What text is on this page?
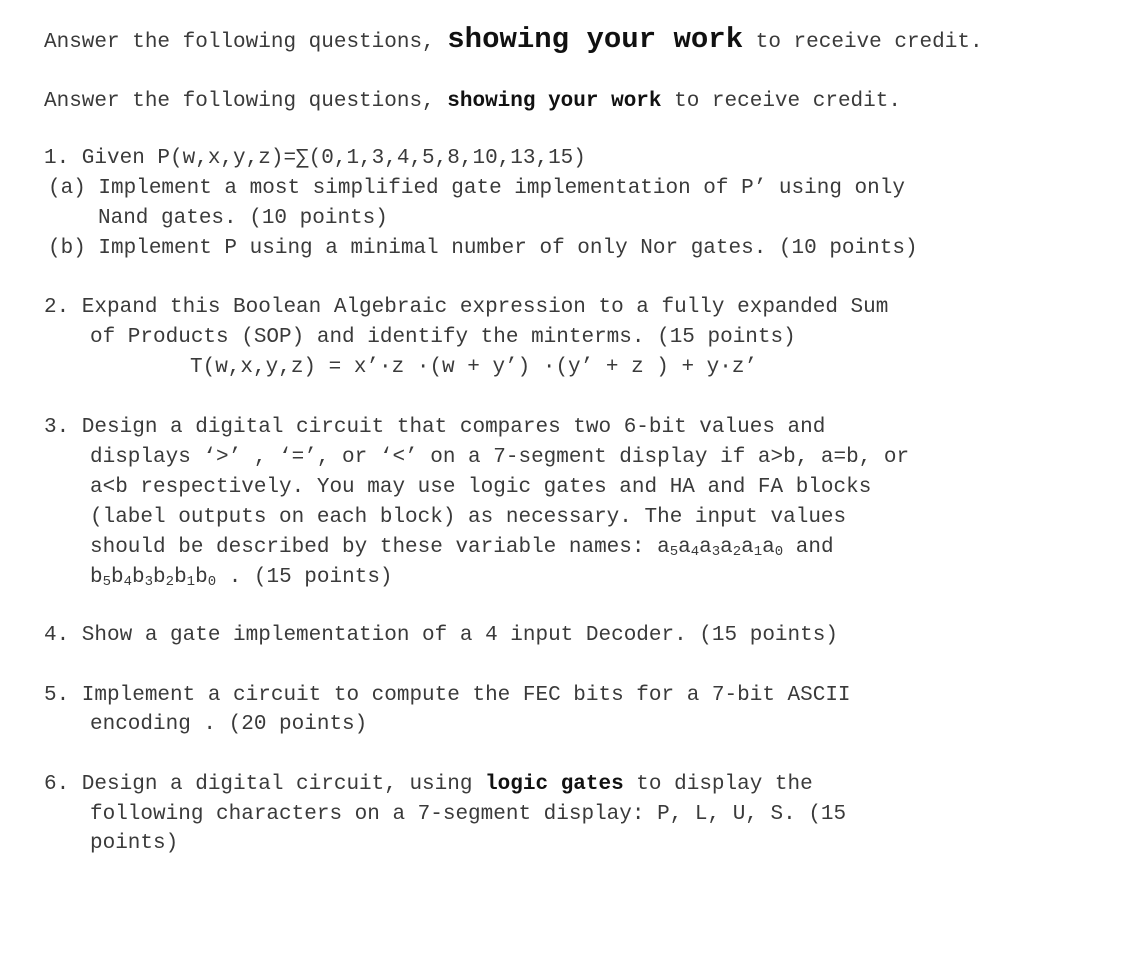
Answer the following questions, showing your work to receive credit.
Answer the following questions, showing your work to receive credit.
1. Given P(w,x,y,z)=∑(0,1,3,4,5,8,10,13,15)
(a) Implement a most simplified gate implementation of P’ using only
Nand gates. (10 points)
(b) Implement P using a minimal number of only Nor gates. (10 points)
2. Expand this Boolean Algebraic expression to a fully expanded Sum
of Products (SOP) and identify the minterms. (15 points)
T(w,x,y,z) = x’·z ·(w + y’) ·(y’ + z ) + y·z’
3. Design a digital circuit that compares two 6-bit values and
displays ‘>’ , ‘=’, or ‘<’ on a 7-segment display if a>b, a=b, or
a<b respectively. You may use logic gates and HA and FA blocks
(label outputs on each block) as necessary. The input values
should be described by these variable names: $a_5a_4a_3a_2a_1a_0$ and
$b_5b_4b_3b_2b_1b_0$ . (15 points)
4. Show a gate implementation of a 4 input Decoder. (15 points)
5. Implement a circuit to compute the FEC bits for a 7-bit ASCII
encoding . (20 points)
6. Design a digital circuit, using logic gates to display the
following characters on a 7-segment display: P, L, U, S. (15
points)
